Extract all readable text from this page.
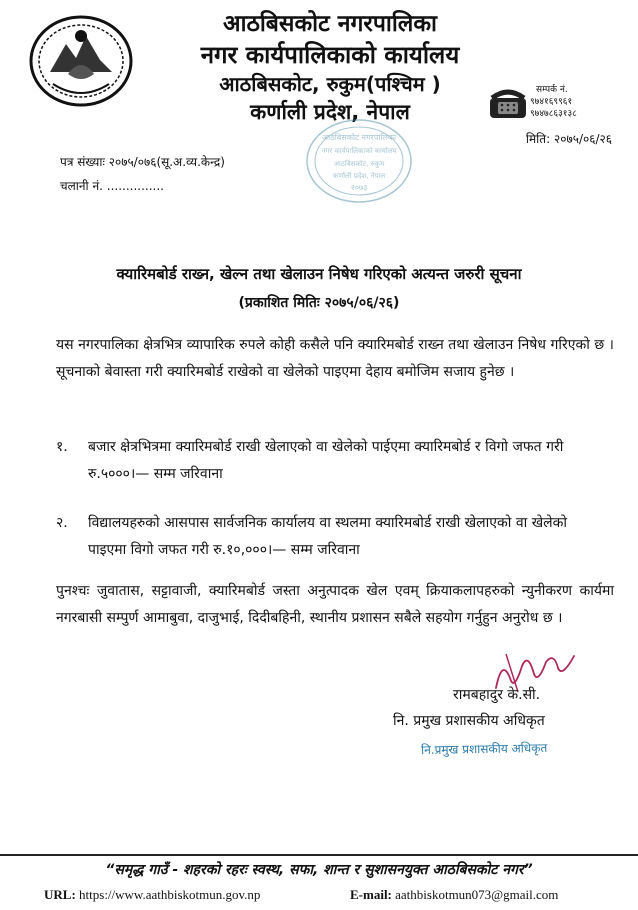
आठबिसकोट नगरपालिका
नगर कार्यपालिकाको कार्यालय
आठबिसकोट, रुकुम(पश्चिम )
कर्णाली प्रदेश, नेपाल
सम्पर्क नं.
९७४१६९९६१
९७४७८६३१३८
आठबिसकोट नगरपालिका
नगर कार्यपालिकाको कार्यालय
आठबिसकोट, रुकुम
कर्णाली प्रदेश, नेपाल
२०७३
मिति: २०७५/०६/२६
पत्र संख्याः २०७५/०७६(सू.अ.व्य.केन्द्र)
चलानी नं. ...............
क्यारिमबोर्ड राख्न, खेल्न तथा खेलाउन निषेध गरिएको अत्यन्त जरुरी सूचना
(प्रकाशित मितिः २०७५/०६/२६)
यस नगरपालिका क्षेत्रभित्र व्यापारिक रुपले कोही कसैले पनि क्यारिमबोर्ड राख्न तथा खेलाउन निषेध गरिएको छ । सूचनाको बेवास्ता गरी क्यारिमबोर्ड राखेको वा खेलेको पाइएमा देहाय बमोजिम सजाय हुनेछ ।
१. बजार क्षेत्रभित्रमा क्यारिमबोर्ड राखी खेलाएको वा खेलेको पाईएमा क्यारिमबोर्ड र विगो जफत गरी रु.५०००।— सम्म जरिवाना
२. विद्यालयहरुको आसपास सार्वजनिक कार्यालय वा स्थलमा क्यारिमबोर्ड राखी खेलाएको वा खेलेको पाइएमा विगो जफत गरी रु.१०,०००।— सम्म जरिवाना
पुनश्चः जुवातास, सट्टावाजी, क्यारिमबोर्ड जस्ता अनुत्पादक खेल एवम् क्रियाकलापहरुको न्युनीकरण कार्यमा नगरबासी सम्पुर्ण आमाबुवा, दाजुभाई, दिदीबहिनी, स्थानीय प्रशासन सबैले सहयोग गर्नुहुन अनुरोध छ ।
रामबहादुर के.सी.
नि. प्रमुख प्रशासकीय अधिकृत
नि.प्रमुख प्रशासकीय अधिकृत
“समृद्ध गाउँ - शहरको रहरः स्वस्थ, सफा, शान्त र सुशासनयुक्त आठबिसकोट नगर”
URL: https://www.aathbiskotmun.gov.np	E-mail: aathbiskotmun073@gmail.com
